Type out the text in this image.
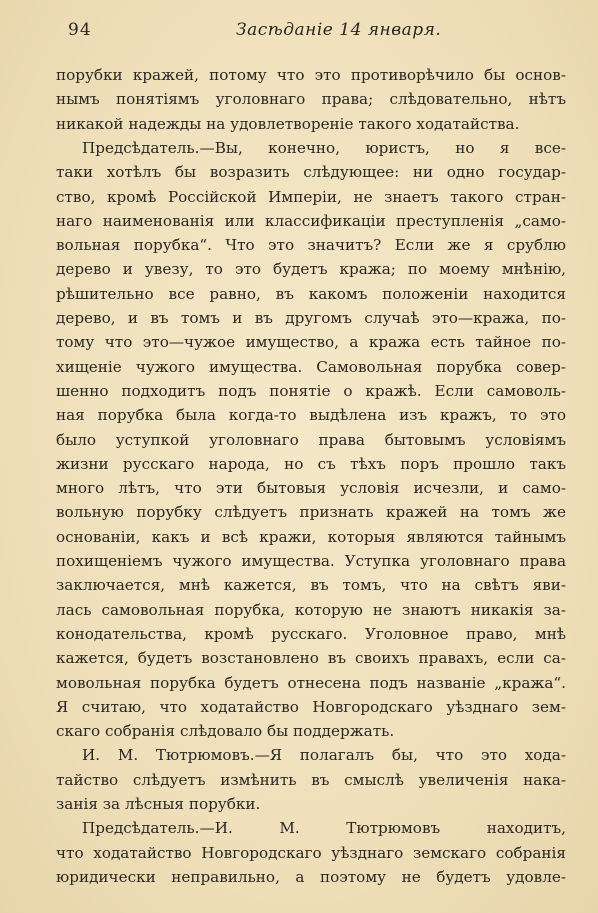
94	Засѣданіе 14 января.
порубки кражей, потому что это противорѣчило бы основ-
нымъ понятіямъ уголовнаго права; слѣдовательно, нѣтъ
никакой надежды на удовлетвореніе такого ходатайства.
Предсѣдатель.—Вы, конечно, юристъ, но я все-
таки хотѣлъ бы возразить слѣдующее: ни одно государ-
ство, кромѣ Россійской Имперіи, не знаетъ такого стран-
наго наименованія или классификаціи преступленія „само-
вольная порубка“. Что это значитъ? Если же я срублю
дерево и увезу, то это будетъ кража; по моему мнѣнію,
рѣшительно все равно, въ какомъ положеніи находится
дерево, и въ томъ и въ другомъ случаѣ это—кража, по-
тому что это—чужое имущество, а кража есть тайное по-
хищеніе чужого имущества. Самовольная порубка совер-
шенно подходитъ подъ понятіе о кражѣ. Если самоволь-
ная порубка была когда-то выдѣлена изъ кражъ, то это
было уступкой уголовнаго права бытовымъ условіямъ
жизни русскаго народа, но съ тѣхъ поръ прошло такъ
много лѣтъ, что эти бытовыя условія исчезли, и само-
вольную порубку слѣдуетъ признать кражей на томъ же
основаніи, какъ и всѣ кражи, которыя являются тайнымъ
похищеніемъ чужого имущества. Уступка уголовнаго права
заключается, мнѣ кажется, въ томъ, что на свѣтъ яви-
лась самовольная порубка, которую не знаютъ никакія за-
конодательства, кромѣ русскаго. Уголовное право, мнѣ
кажется, будетъ возстановлено въ своихъ правахъ, если са-
мовольная порубка будетъ отнесена подъ названіе „кража“.
Я считаю, что ходатайство Новгородскаго уѣзднаго зем-
скаго собранія слѣдовало бы поддержать.
И. М. Тютрюмовъ.—Я полагалъ бы, что это хода-
тайство слѣдуетъ измѣнить въ смыслѣ увеличенія нака-
занія за лѣсныя порубки.
Предсѣдатель.—И. М. Тютрюмовъ находитъ,
что ходатайство Новгородскаго уѣзднаго земскаго собранія
юридически неправильно, а поэтому не будетъ удовле-
